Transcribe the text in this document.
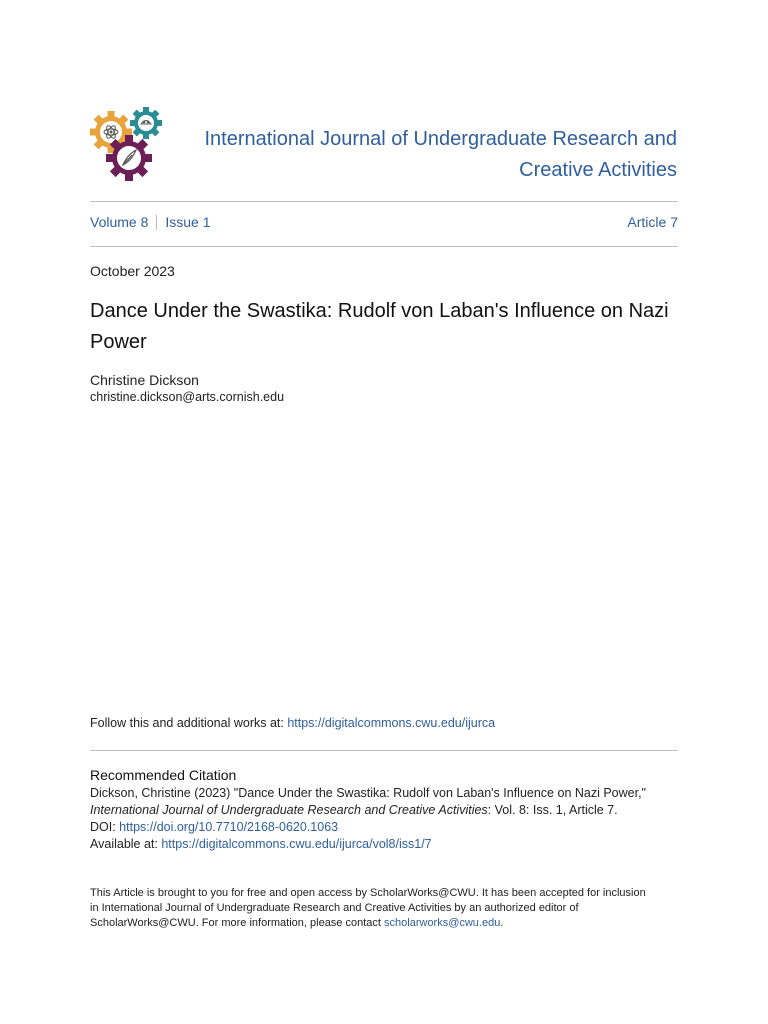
International Journal of Undergraduate Research and
Creative Activities
Volume 8 Issue 1	Article 7
October 2023
Dance Under the Swastika: Rudolf von Laban's Influence on Nazi
Power
Christine Dickson
christine.dickson@arts.cornish.edu
Follow this and additional works at: https://digitalcommons.cwu.edu/ijurca
Recommended Citation

Dickson, Christine (2023) "Dance Under the Swastika: Rudolf von Laban's Influence on Nazi Power,"

International Journal of Undergraduate Research and Creative Activities: Vol. 8: Iss. 1, Article 7.

DOI: https://doi.org/10.7710/2168-0620.1063

Available at: https://digitalcommons.cwu.edu/ijurca/vol8/iss1/7

This Article is brought to you for free and open access by ScholarWorks@CWU. It has been accepted for inclusion
in International Journal of Undergraduate Research and Creative Activities by an authorized editor of
ScholarWorks@CWU. For more information, please contact scholarworks@cwu.edu.
